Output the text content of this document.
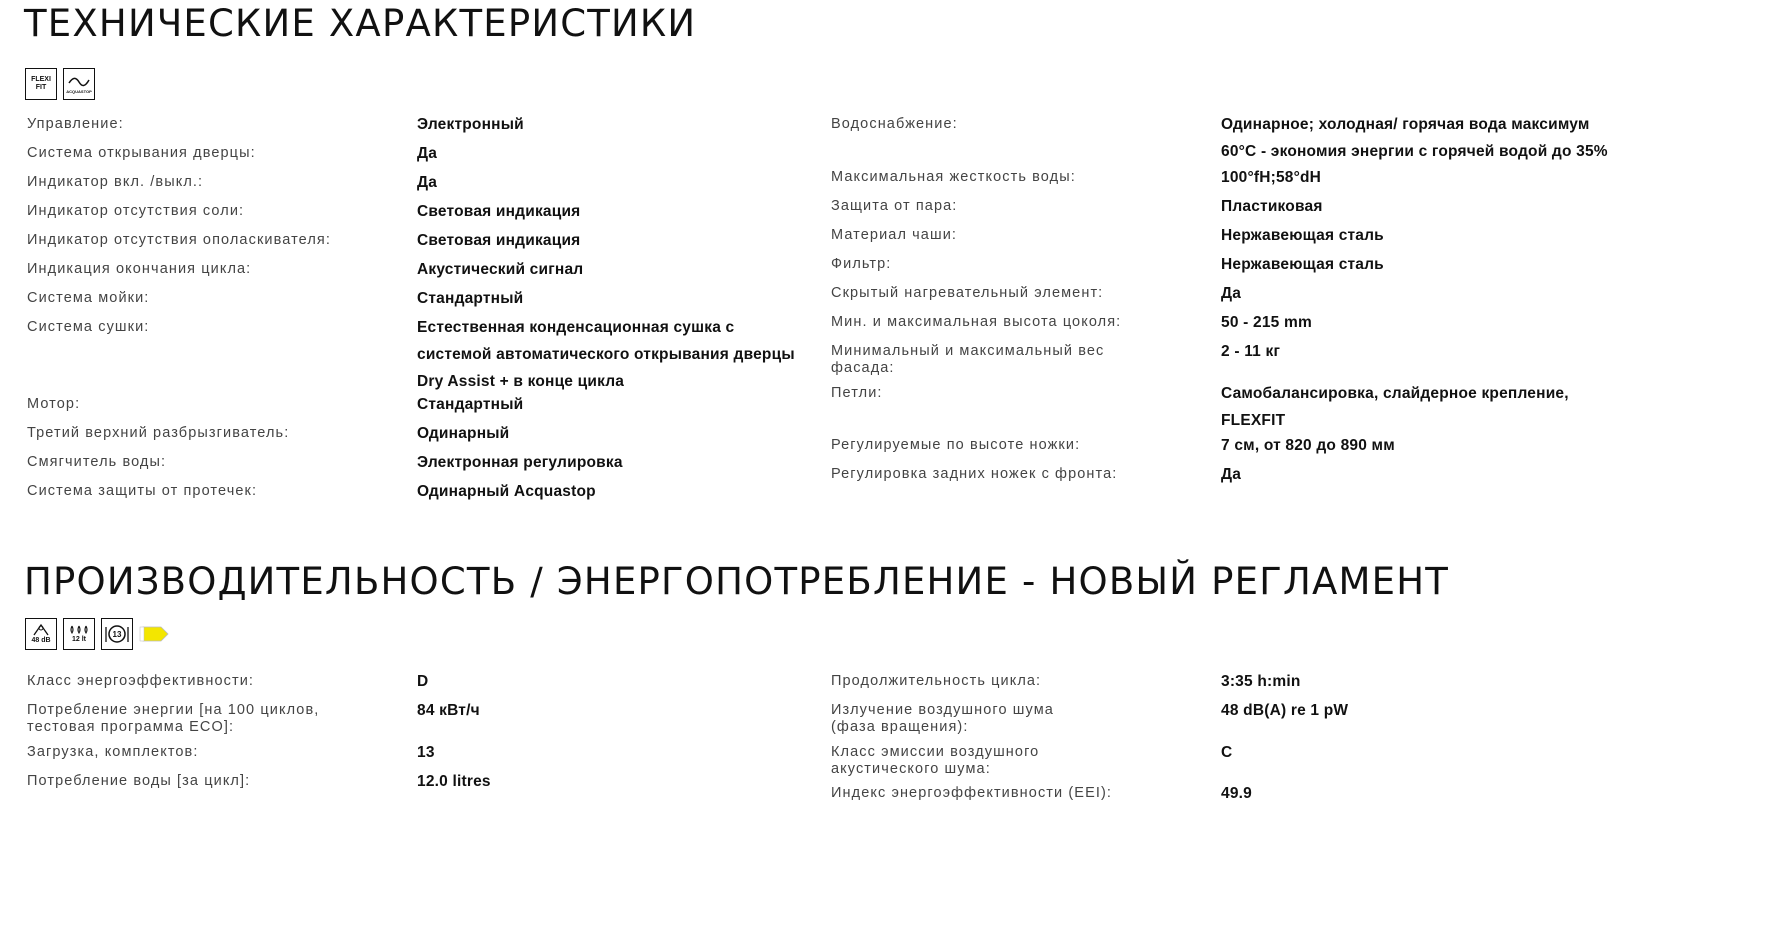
ТЕХНИЧЕСКИЕ ХАРАКТЕРИСТИКИ
FLEXI
FIT	ACQUASTOP
Управление:	Электронный
Система открывания дверцы:	Да
Индикатор вкл. /выкл.:	Да
Индикатор отсутствия соли:	Световая индикация
Индикатор отсутствия ополаскивателя:	Световая индикация
Индикация окончания цикла:	Акустический сигнал
Система мойки:	Стандартный
Система сушки:	Естественная конденсационная сушка с системой автоматического открывания дверцы Dry Assist + в конце цикла
Мотор:	Стандартный
Третий верхний разбрызгиватель:	Одинарный
Смягчитель воды:	Электронная регулировка
Система защиты от протечек:	Одинарный Acquastop
Водоснабжение:	Одинарное; холодная/ горячая вода максимум 60°C - экономия энергии с горячей водой до 35%
Максимальная жесткость воды:	100°fH;58°dH
Защита от пара:	Пластиковая
Материал чаши:	Нержавеющая сталь
Фильтр:	Нержавеющая сталь
Скрытый нагревательный элемент:	Да
Мин. и максимальная высота цоколя:	50 - 215 mm
Минимальный и максимальный вес фасада:
2 - 11 кг
Петли:	Самобалансировка, слайдерное крепление, FLEXFIT
Регулируемые по высоте ножки:	7 см, от 820 до 890 мм
Регулировка задних ножек с фронта:	Да
ПРОИЗВОДИТЕЛЬНОСТЬ / ЭНЕРГОПОТРЕБЛЕНИЕ - НОВЫЙ РЕГЛАМЕНТ
48 dB	12 lt
13
Класс энергоэффективности:	D
Потребление энергии [на 100 циклов, тестовая программа ECO]:
84 кВт/ч
Загрузка, комплектов:	13
Потребление воды [за цикл]:	12.0 litres
Продолжительность цикла:	3:35 h:min
Излучение воздушного шума (фаза вращения):
48 dB(A) re 1 pW
Класс эмиссии воздушного акустического шума:
C
Индекс энергоэффективности (EEI):	49.9
